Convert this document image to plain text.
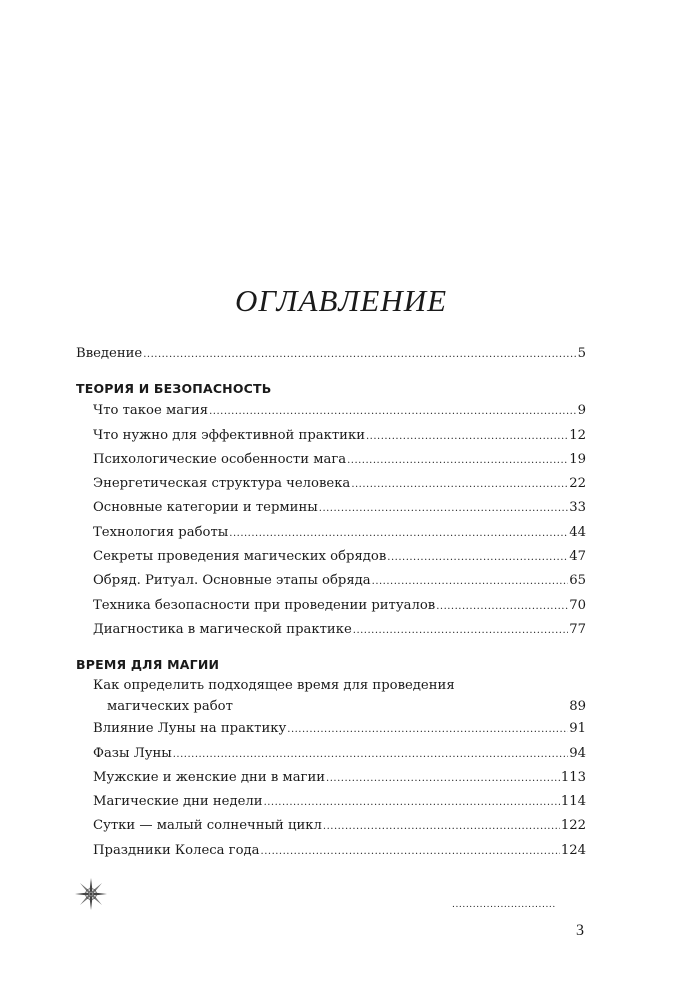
ОГЛАВЛЕНИЕ
Введение .....	5
ТЕОРИЯ И БЕЗОПАСНОСТЬ
Что такое магия .....	9
Что нужно для эффективной практики .....	12
Психологические особенности мага .....	19
Энергетическая структура человека .....	22
Основные категории и термины .....	33
Технология работы .....	44
Секреты проведения магических обрядов .....	47
Обряд. Ритуал. Основные этапы обряда .....	65
Техника безопасности при проведении ритуалов .....	70
Диагностика в магической практике .....	77
ВРЕМЯ ДЛЯ МАГИИ
Как определить подходящее время для проведения
магических работ	89
Влияние Луны на практику .....	91
Фазы Луны .....	94
Мужские и женские дни в магии .....	113
Магические дни недели .....	114
Сутки — малый солнечный цикл .....	122
Праздники Колеса года .....	124
..............................
3
